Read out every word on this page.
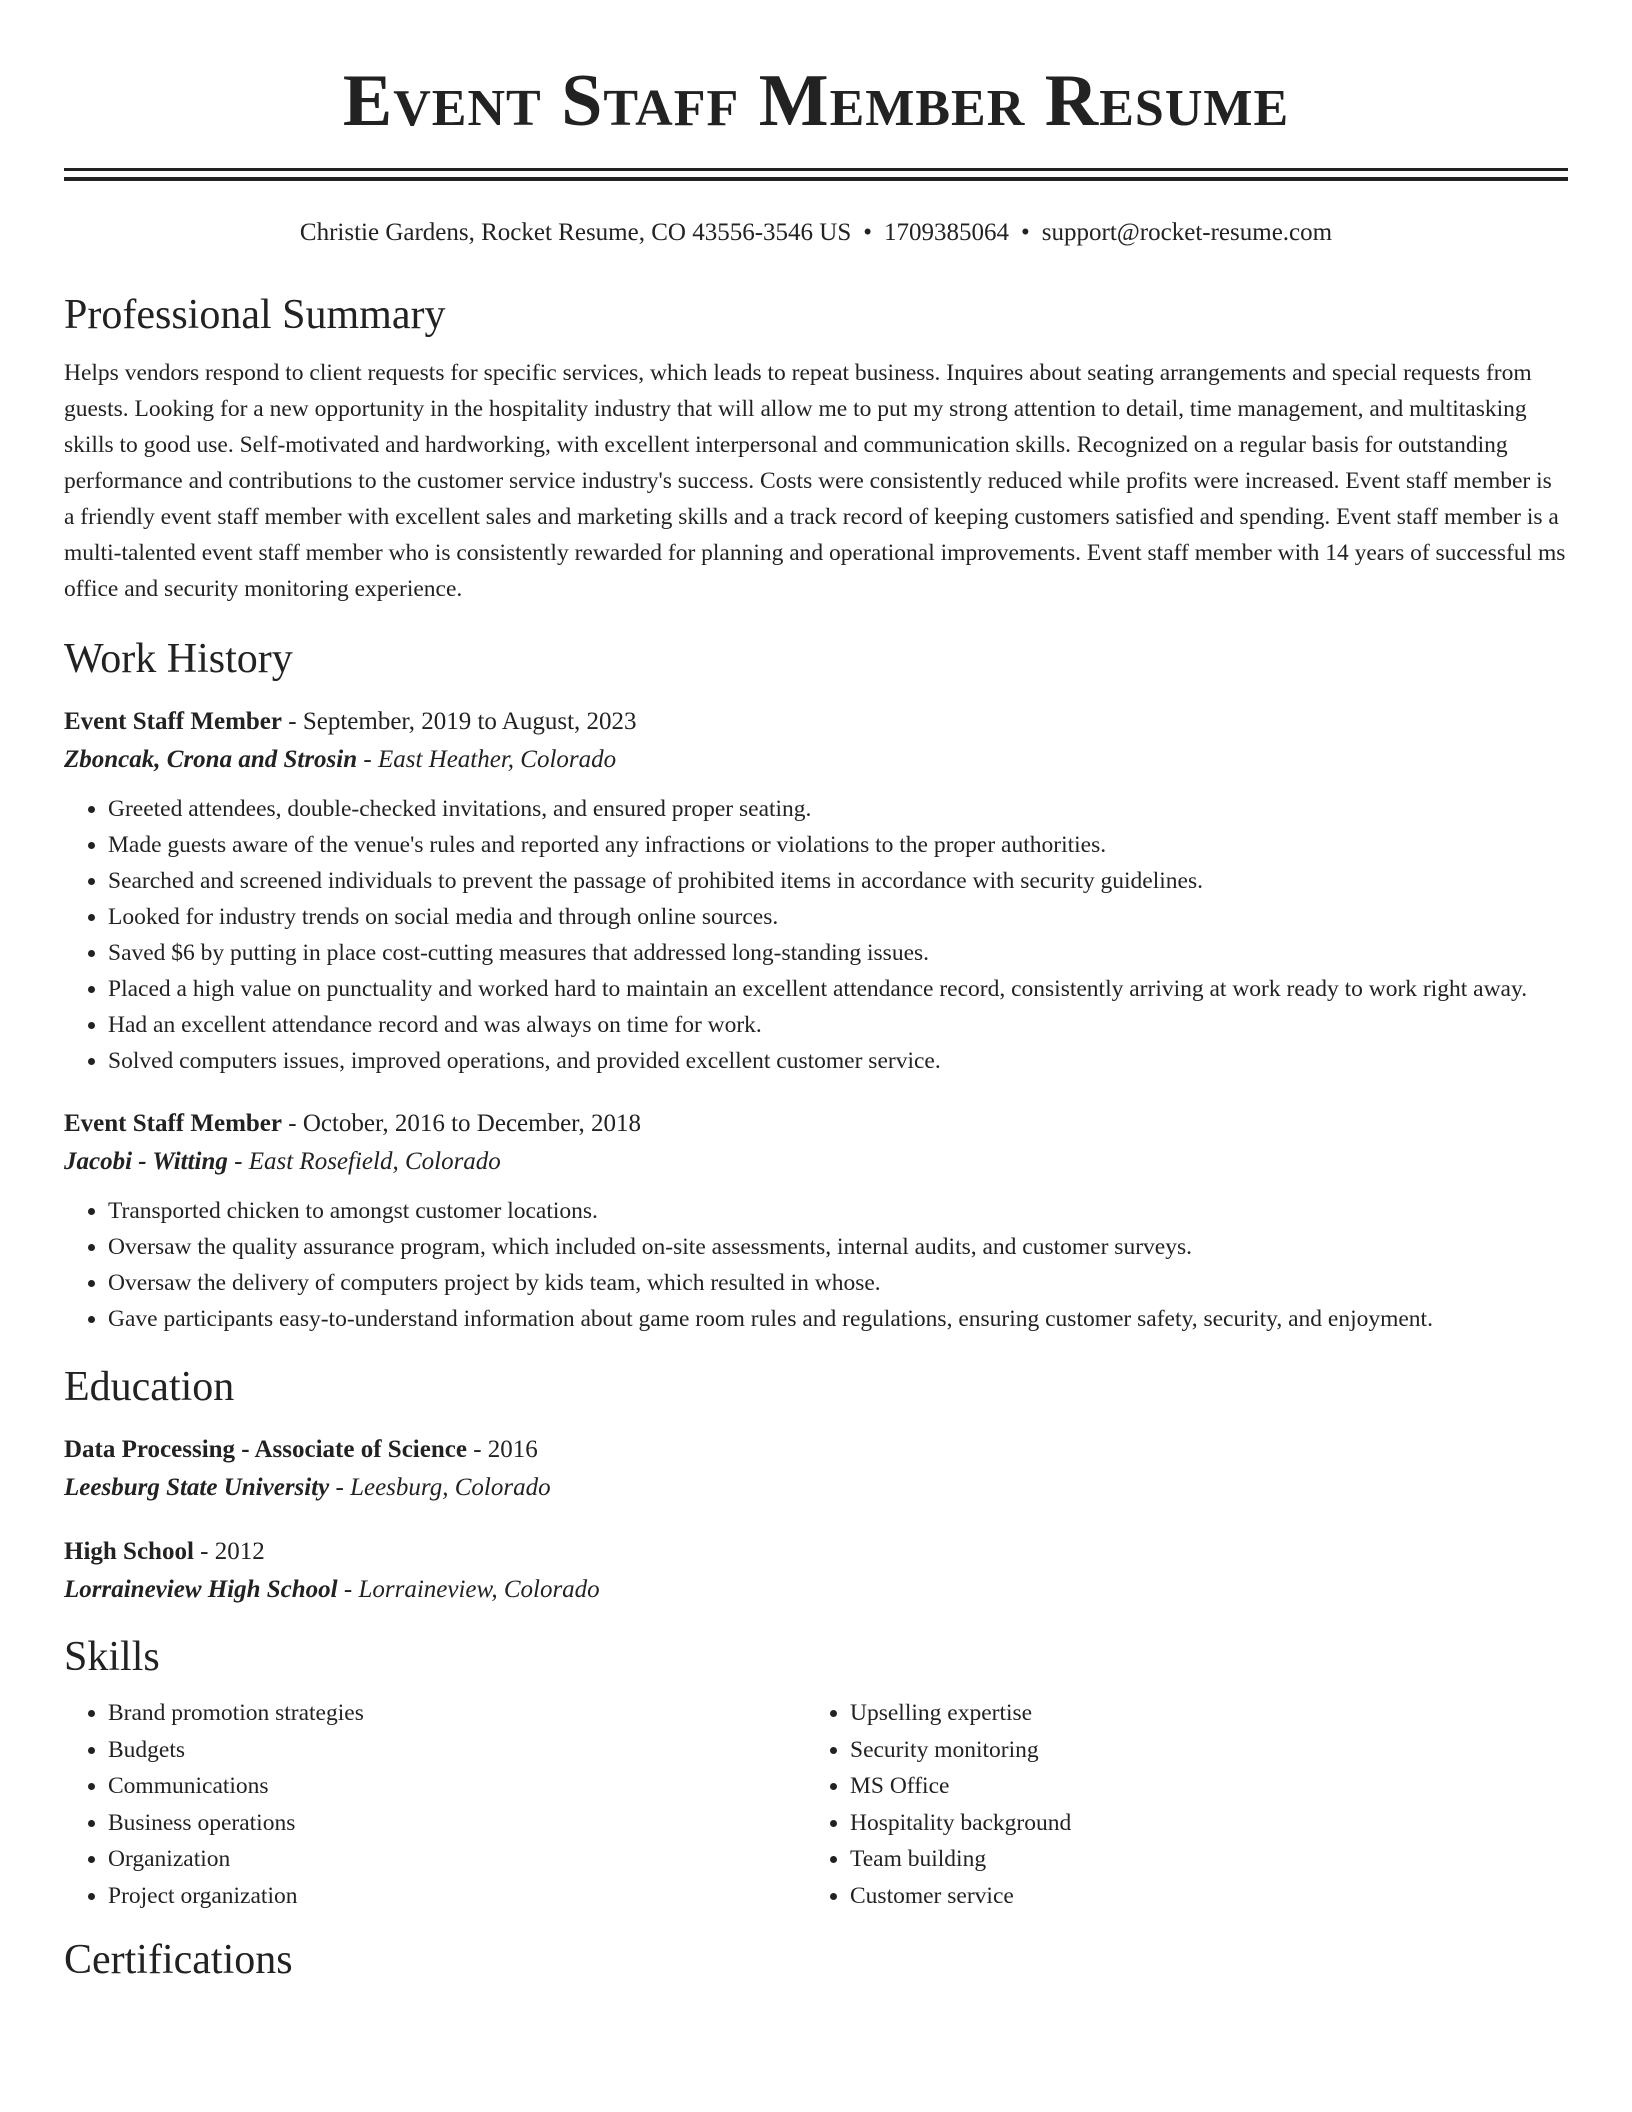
Event Staff Member Resume
Christie Gardens, Rocket Resume, CO 43556-3546 US • 1709385064 • support@rocket-resume.com
Professional Summary

Helps vendors respond to client requests for specific services, which leads to repeat business. Inquires about seating arrangements and special requests from guests. Looking for a new opportunity in the hospitality industry that will allow me to put my strong attention to detail, time management, and multitasking skills to good use. Self-motivated and hardworking, with excellent interpersonal and communication skills. Recognized on a regular basis for outstanding performance and contributions to the customer service industry's success. Costs were consistently reduced while profits were increased. Event staff member is a friendly event staff member with excellent sales and marketing skills and a track record of keeping customers satisfied and spending. Event staff member is a multi-talented event staff member who is consistently rewarded for planning and operational improvements. Event staff member with 14 years of successful ms office and security monitoring experience.

Work History
Event Staff Member - September, 2019 to August, 2023
Zboncak, Crona and Strosin - East Heather, Colorado
• Greeted attendees, double-checked invitations, and ensured proper seating.
• Made guests aware of the venue's rules and reported any infractions or violations to the proper authorities.
• Searched and screened individuals to prevent the passage of prohibited items in accordance with security guidelines.
• Looked for industry trends on social media and through online sources.
• Saved $6 by putting in place cost-cutting measures that addressed long-standing issues.
• Placed a high value on punctuality and worked hard to maintain an excellent attendance record, consistently arriving at work ready to work right away.
• Had an excellent attendance record and was always on time for work.
• Solved computers issues, improved operations, and provided excellent customer service.
Event Staff Member - October, 2016 to December, 2018
Jacobi - Witting - East Rosefield, Colorado
• Transported chicken to amongst customer locations.
• Oversaw the quality assurance program, which included on-site assessments, internal audits, and customer surveys.
• Oversaw the delivery of computers project by kids team, which resulted in whose.
• Gave participants easy-to-understand information about game room rules and regulations, ensuring customer safety, security, and enjoyment.
Education
Data Processing - Associate of Science - 2016
Leesburg State University - Leesburg, Colorado
High School - 2012
Lorraineview High School - Lorraineview, Colorado
Skills
• Brand promotion strategies
• Budgets
• Communications
• Business operations
• Organization
• Project organization
• Upselling expertise
• Security monitoring
• MS Office
• Hospitality background
• Team building
• Customer service
Certifications
